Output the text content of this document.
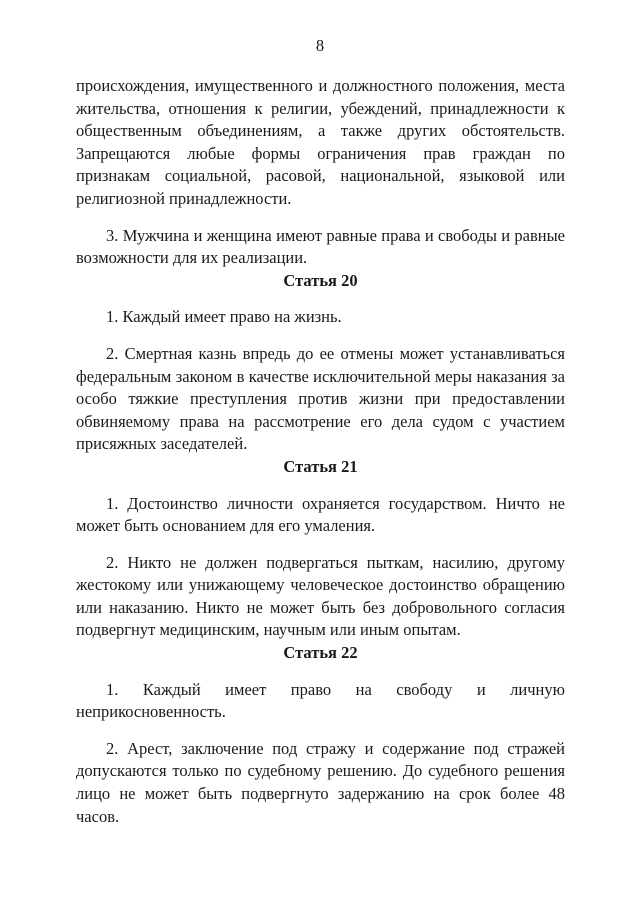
8

происхождения, имущественного и должностного положения, места жительства, отношения к религии, убеждений, принадлежности к общественным объединениям, а также других обстоятельств. Запрещаются любые формы ограничения прав граждан по признакам социальной, расовой, национальной, языковой или религиозной принадлежности.

3. Мужчина и женщина имеют равные права и свободы и равные возможности для их реализации.

Статья 20

1. Каждый имеет право на жизнь.

2. Смертная казнь впредь до ее отмены может устанавливаться федеральным законом в качестве исключительной меры наказания за особо тяжкие преступления против жизни при предоставлении обвиняемому права на рассмотрение его дела судом с участием присяжных заседателей.

Статья 21

1. Достоинство личности охраняется государством. Ничто не может быть основанием для его умаления.

2. Никто не должен подвергаться пыткам, насилию, другому жестокому или унижающему человеческое достоинство обращению или наказанию. Никто не может быть без добровольного согласия подвергнут медицинским, научным или иным опытам.

Статья 22

1. Каждый имеет право на свободу и личную
неприкосновенность.

2. Арест, заключение под стражу и содержание под стражей допускаются только по судебному решению. До судебного решения лицо не может быть подвергнуто задержанию на срок более 48 часов.
